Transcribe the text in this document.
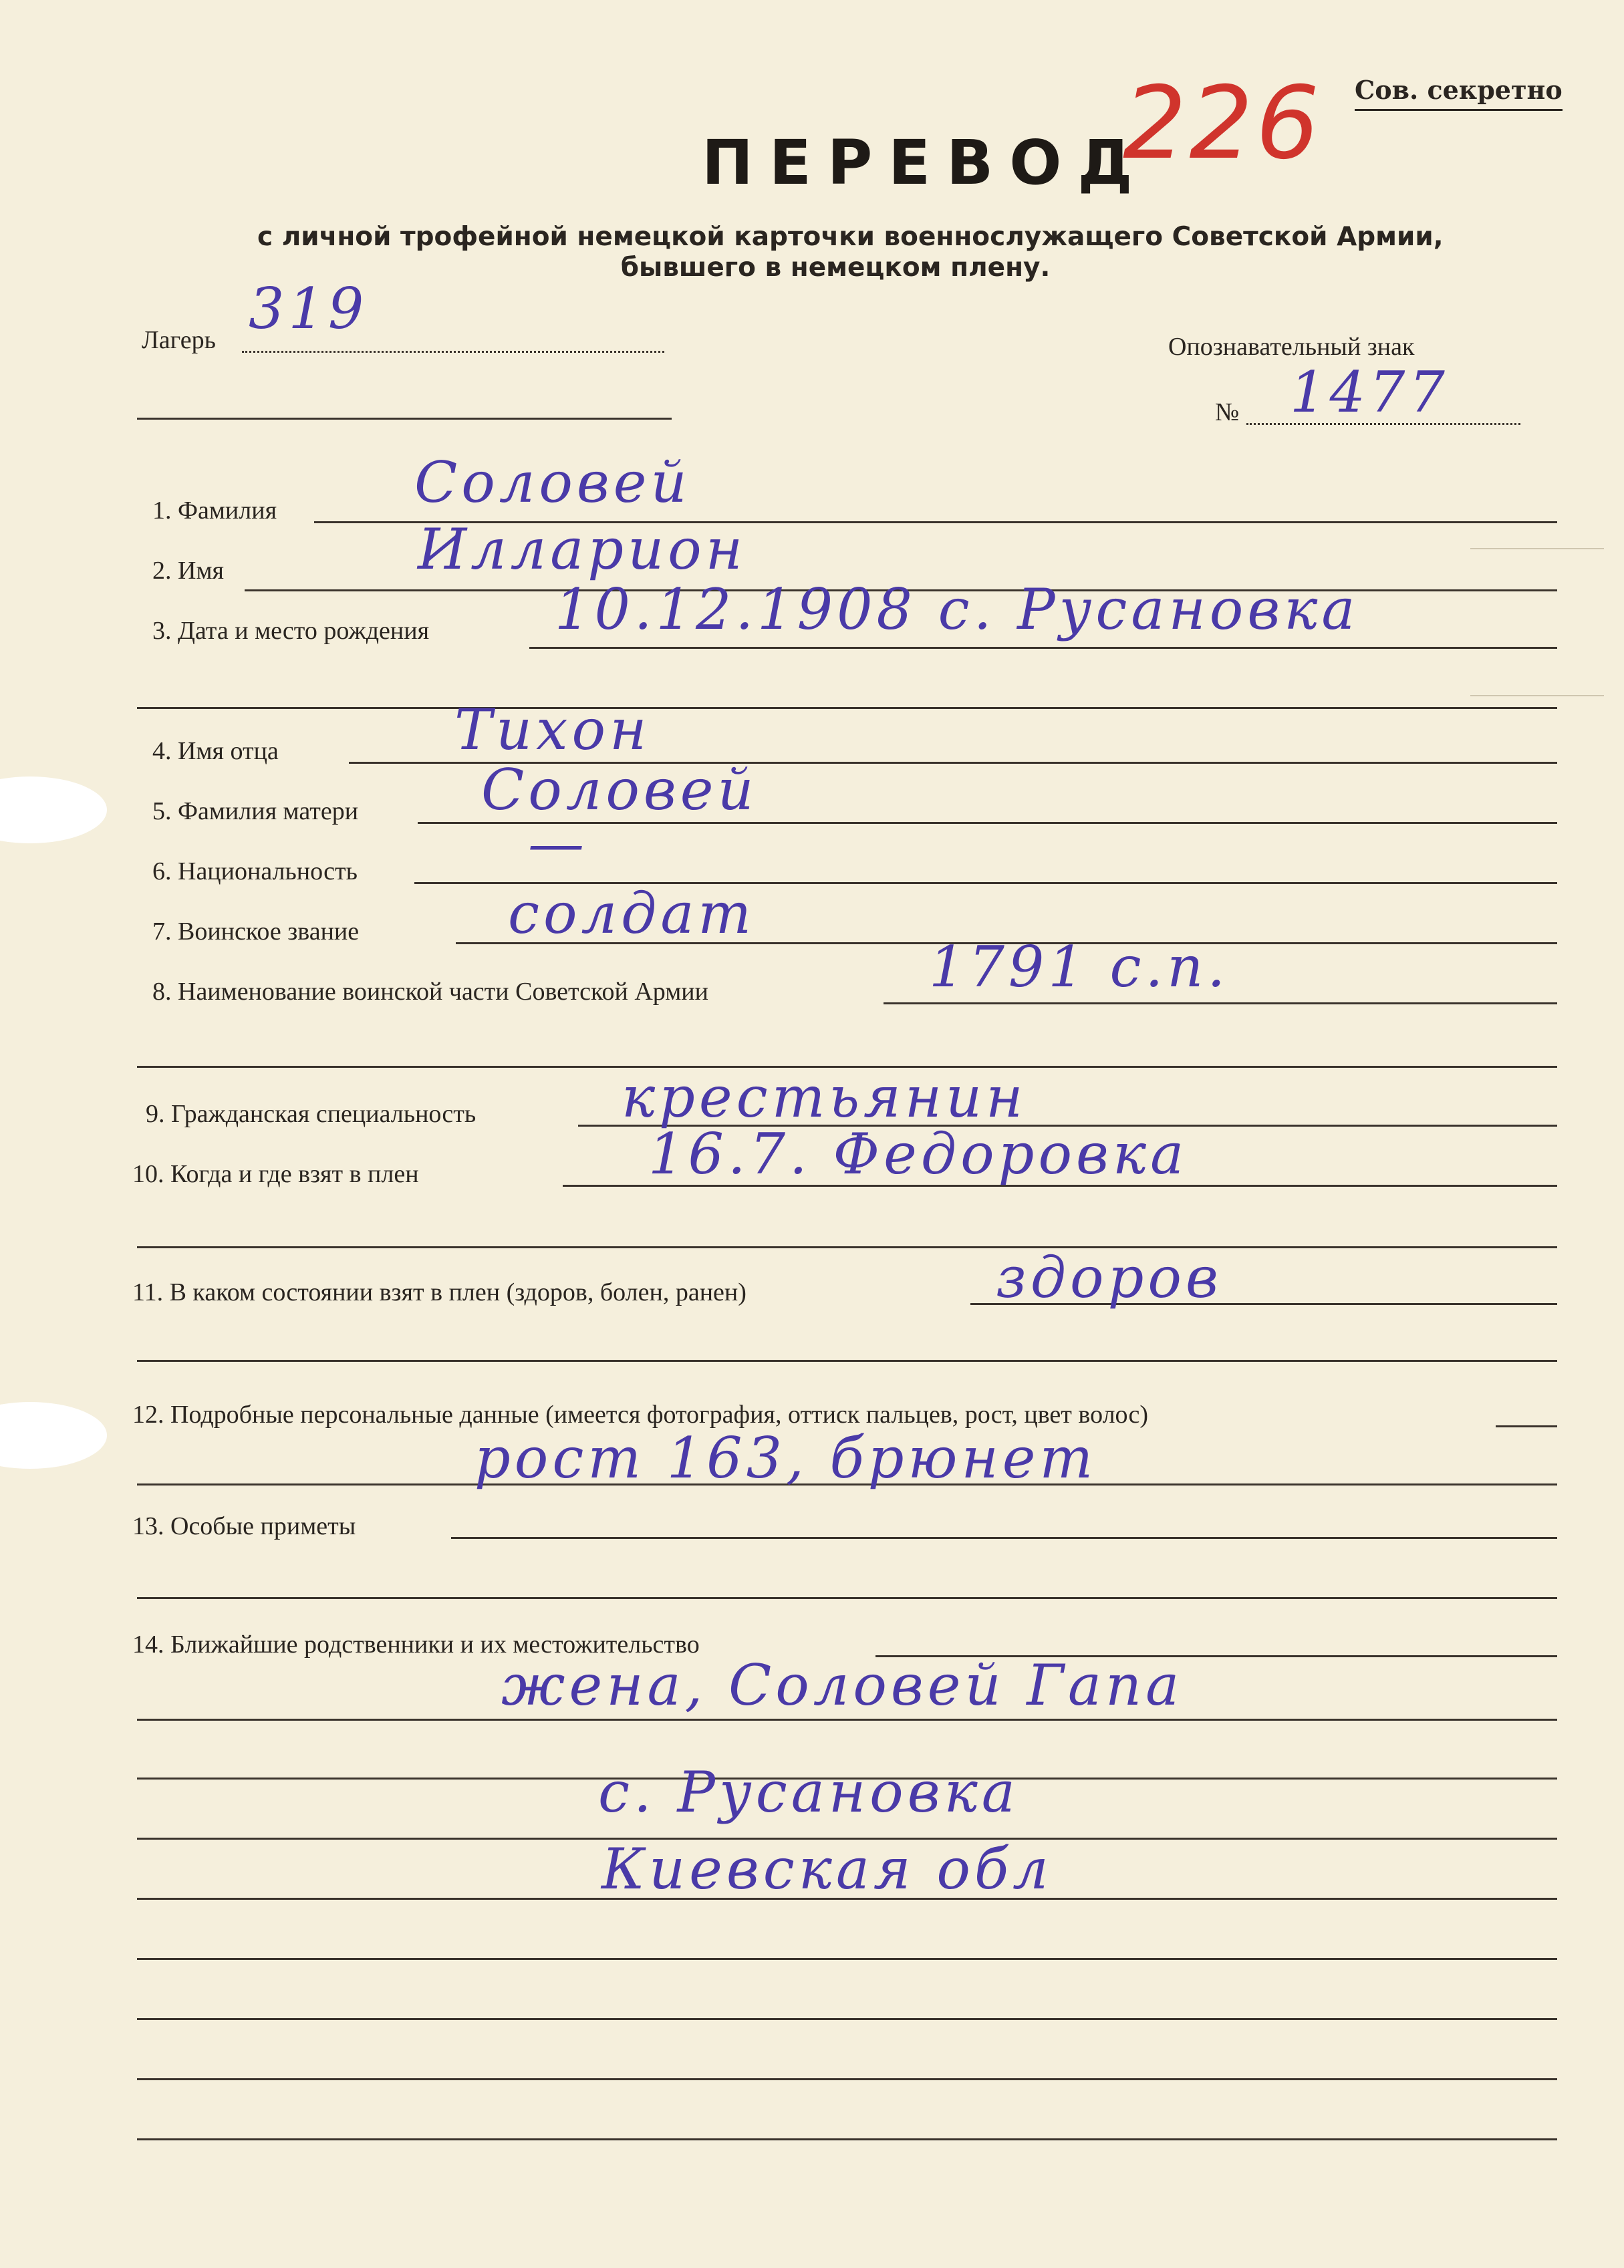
226 Сов. секретно
ПЕРЕВОД
с личной трофейной немецкой карточки военнослужащего Советской Армии,
бывшего в немецком плену.
Лагерь 319
Опознавательный знак
№ 1477
1. Фамилия Соловей
2. Имя	Илларион
3. Дата и место рождения 10.12.1908 с. Русановка
4. Имя отца	Тихон
5. Фамилия матери Соловей
6. Национальность	—
7. Воинское звание	солдат
8. Наименование воинской части Советской Армии	1791 с.п.
9. Гражданская специальность	крестьянин
10. Когда и где взят в плен	16.7. Федоровка
11. В каком состоянии взят в плен (здоров, болен, ранен)	здоров
12. Подробные персональные данные (имеется фотография, оттиск пальцев, рост, цвет волос)
рост 163, брюнет
13. Особые приметы
14. Ближайшие родственники и их местожительство
жена, Соловей Гапа
с. Русановка
Киевская обл
